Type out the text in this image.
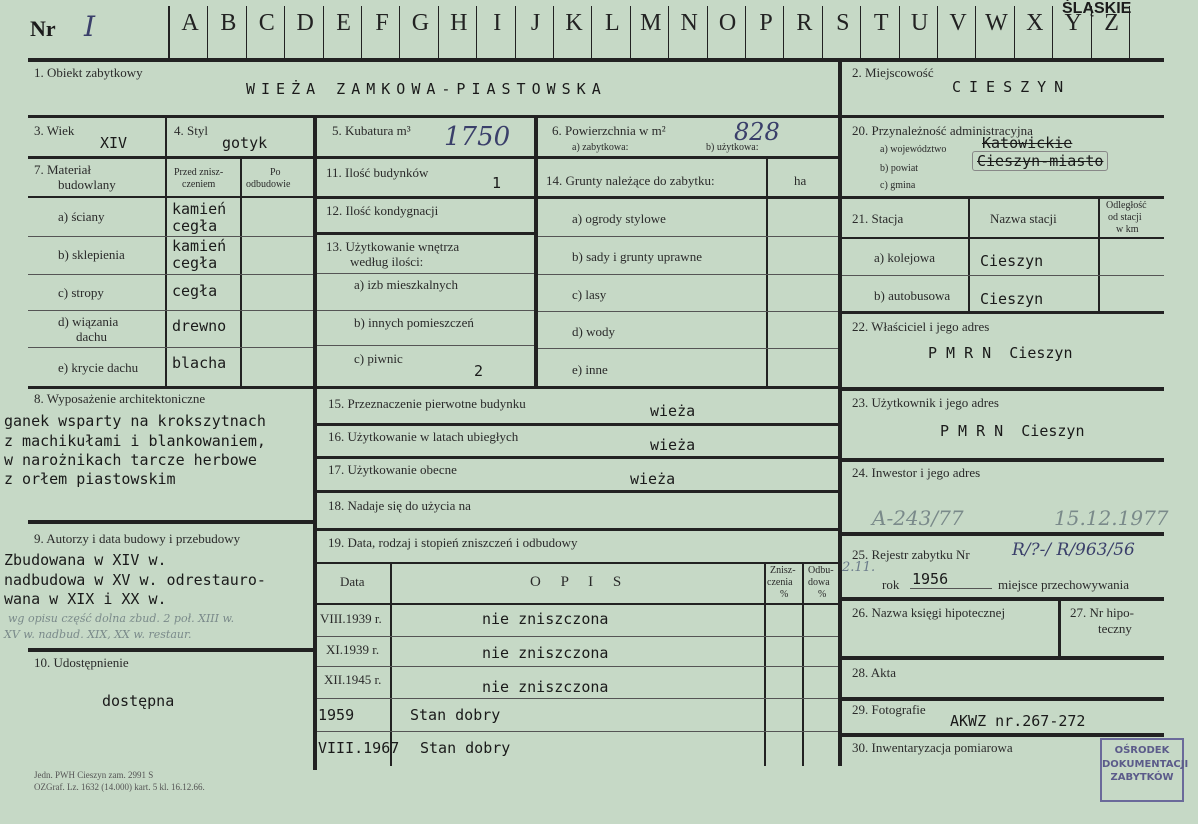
Nr I	A B C D E	F G H	I	J	K L M N O P R S	T U V W X Y Z
ŚLĄSKIE
1. Obiekt zabytkowy
WIEŻA ZAMKOWA-PIASTOWSKA
2. Miejscowość
CIESZYN
3. Wiek
XIV
4. Styl
gotyk
5. Kubatura m³ 1750	6. Powierzchnia w m²
a) zabytkowa:	b) użytkowa:
828
7. Materiał
budowlany
Przed znisz-
czeniem
Po
odbudowie
a) ściany	kamień
cegła
b) sklepienia	kamień
cegła
c) stropy	cegła
d) wiązania
dachu
drewno
e) krycie dachu blacha
11. Ilość budynków
1
12. Ilość kondygnacji
13. Użytkowanie wnętrza
według ilości:
a) izb mieszkalnych
b) innych pomieszczeń
c) piwnic
2
14. Grunty należące do zabytku:	ha
a) ogrody stylowe
b) sady i grunty uprawne
c) lasy
d) wody
e) inne
20. Przynależność administracyjna
a) województwo Katowickie
b) powiat	Cieszyn-miasto
c) gmina
21. Stacja	Nazwa stacji
Odległość
od stacji
w km
a) kolejowa	Cieszyn
b) autobusowa Cieszyn
22. Właściciel i jego adres
P M R N  Cieszyn
23. Użytkownik i jego adres
P M R N  Cieszyn
24. Inwestor i jego adres
A-243/77	15.12.1977
25. Rejestr zabytku Nr R/?-/ R/963/56
2.11.
rok 1956	miejsce przechowywania
26. Nazwa księgi hipotecznej	27. Nr hipo-
teczny
28. Akta
29. Fotografie
AKWZ nr.267-272
30. Inwentaryzacja pomiarowa
8. Wyposażenie architektoniczne
ganek wsparty na krokszytnach
z machikułami i blankowaniem,
w narożnikach tarcze herbowe
z orłem piastowskim
9. Autorzy i data budowy i przebudowy
Zbudowana w XIV w.
nadbudowa w XV w. odrestauro-
wana w XIX i XX w.
wg opisu część dolna zbud. 2 poł. XIII w.
XV w. nadbud. XIX, XX w. restaur.
10. Udostępnienie
dostępna
15. Przeznaczenie pierwotne budynku	wieża
16. Użytkowanie w latach ubiegłych	wieża
17. Użytkowanie obecne
wieża
18. Nadaje się do użycia na
19. Data, rodzaj i stopień zniszczeń i odbudowy
Data	O P I S
Znisz-
czenia
%
Odbu-
dowa
%
VIII.1939 r.	nie zniszczona
XI.1939 r.	nie zniszczona
XII.1945 r.	nie zniszczona
1959	Stan dobry
VIII.1967 Stan dobry
Jedn. PWH Cieszyn zam. 2991 S
OZGraf. Lz. 1632 (14.000) kart. 5 kl. 16.12.66.
OŚRODEK
DOKUMENTACJI
ZABYTKÓW
